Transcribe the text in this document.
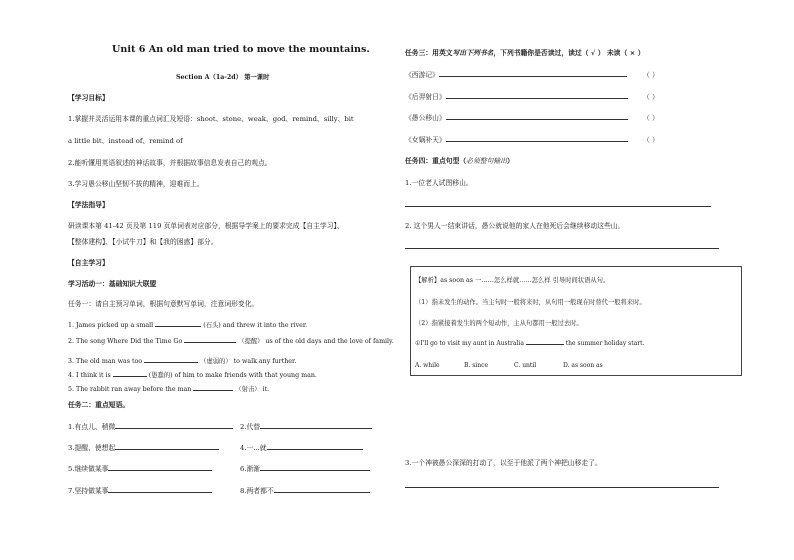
Unit 6 An old man tried to move the mountains.
Section A（1a-2d） 第一课时
【学习目标】
1.掌握并灵活运用本课的重点词汇及短语：shoot、stone、weak、god、remind、silly、bit
a little bit、instead of、remind of
2.能听懂用英语叙述的神话故事，并根据故事信息发表自己的观点。
3.学习愚公移山坚韧不拔的精神，迎难而上。
【学法指导】
研读课本第 41-42 页及第 119 页单词表对应部分，根据导学案上的要求完成【自主学习】、
【整体建构】、【小试牛刀】和【我的困惑】部分。
【自主学习】
学习活动一：基础知识大联盟
任务一：请自主预习单词，根据句意默写单词，注意词形变化。
1. James picked up a small	(石头) and threw it into the river.
2. The song Where Did the Time Go	（提醒） us of the old days and the love of family.
3. The old man was too	（虚弱的） to walk any further.
4. I think it is	(愚蠢的) of him to make friends with that young man.
5. The rabbit ran away before the man	（射击） it.
任务二：重点短语。
1.有点儿、稍微	2.代替
3.提醒、使想起	4.一...就
5.继续做某事	6.渐渐
7.坚持做某事	8.两者都不
任务三：用英文写出下列书名，下列书籍你是否读过，读过（ √ ） 未读（ × ）
《西游记》	（ ）
《后羿射日》	（ ）
《愚公移山》	（ ）
《女娲补天》	（ ）
任务四：重点句型（必须整句输出）
1.一位老人试图移山。
2. 这个男人一结束讲话，愚公就说他的家人在他死后会继续移动这些山。
【解析】as soon as 一……怎么样就……怎么样 引导时间状语从句。
（1）指未发生的动作。当主句时一般将来时，从句用一般现在时替代一般将来时。
（2）指紧接着发生的两个短动作，主从句都用一般过去时。
①I'll go to visit my aunt in Australia	the summer holiday start.
A. while	B. since	C. until	D. as soon as
3.一个神被愚公深深的打动了，以至于他派了两个神把山移走了。
